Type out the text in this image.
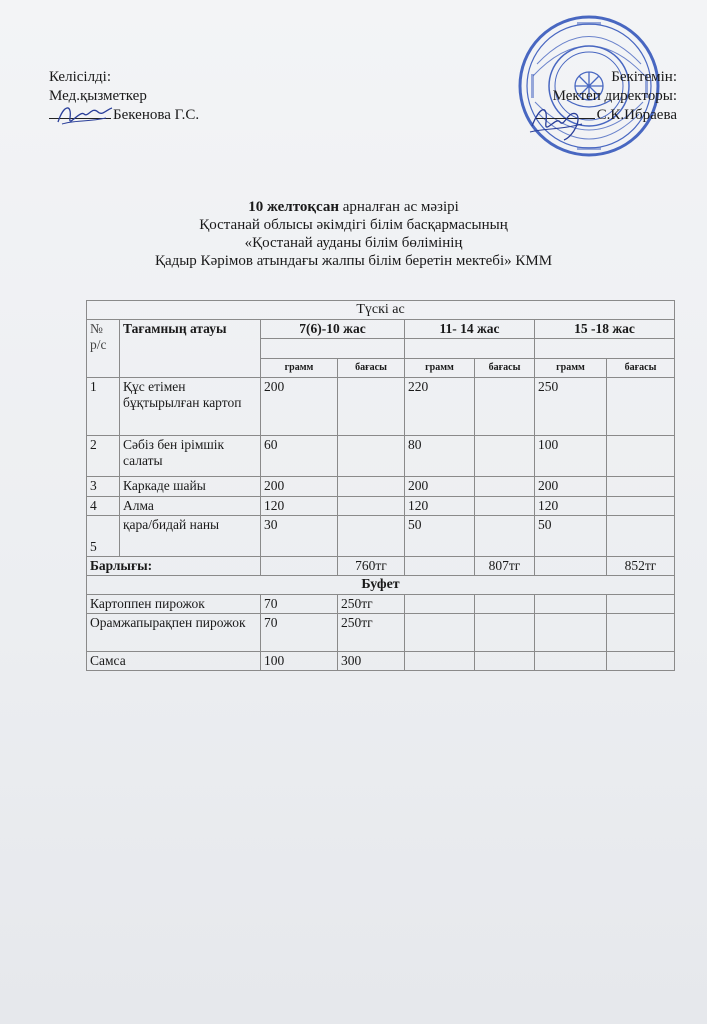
Келісілді:
Мед.қызметкер
Бекенова Г.С.
Бекітемін:
Мектеп директоры:
С.К.Ибраева
10 желтоқсан арналған ас мәзірі
Қостанай облысы әкімдігі білім басқармасының
«Қостанай ауданы білім бөлімінің
Қадыр Кәрімов атындағы жалпы білім беретін мектебі» КММ
Түскі ас							
№ р/с	Тағамның атауы	7(6)-10 жас		11- 14 жас		15 -18 жас	

		грамм	бағасы	грамм	бағасы	грамм	бағасы
1	Құс етімен бұқтырылған картоп	200		220		250	
2	Сәбіз бен ірімшік салаты	60		80		100	
3	Каркаде шайы	200		200		200	
4	Алма	120		120		120	
5	қара/бидай наны	30		50		50	
Барлығы:			760тг		807тг		852тг
Буфет							
Картоппен пирожок		70	250тг				
Орамжапырақпен пирожок		70	250тг				
Самса		100	300				
